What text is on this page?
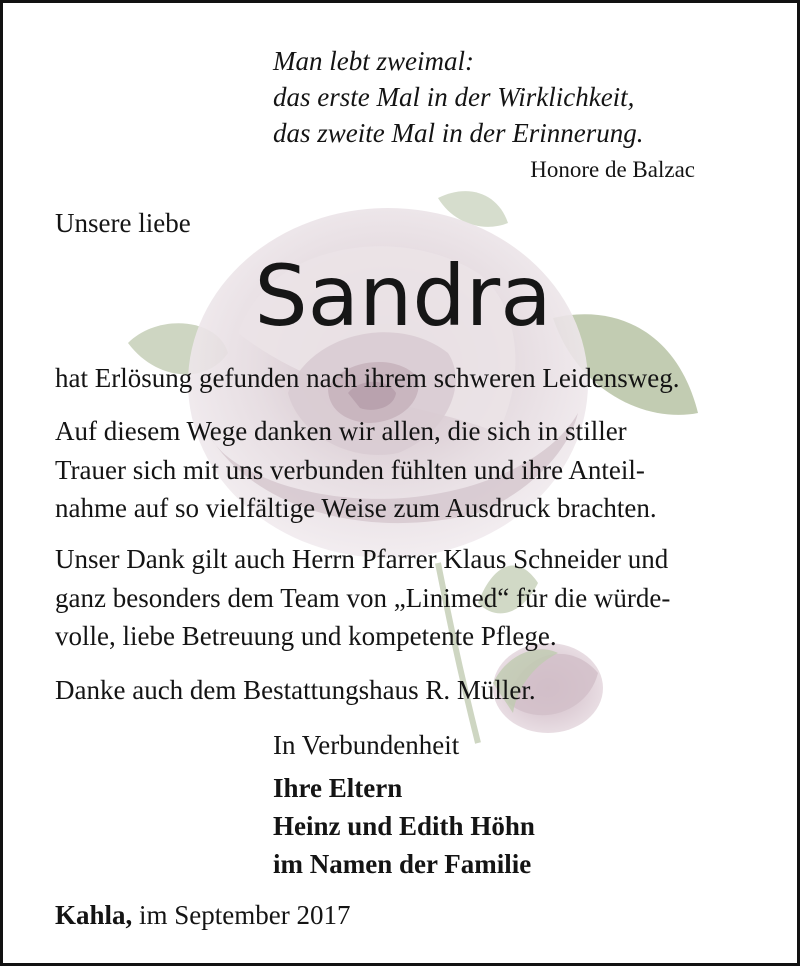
Man lebt zweimal:
das erste Mal in der Wirklichkeit,
das zweite Mal in der Erinnerung.
Honore de Balzac
Unsere liebe
Sandra
hat Erlösung gefunden nach ihrem schweren Leidensweg.
Auf diesem Wege danken wir allen, die sich in stiller
Trauer sich mit uns verbunden fühlten und ihre Anteil-
nahme auf so vielfältige Weise zum Ausdruck brachten.
Unser Dank gilt auch Herrn Pfarrer Klaus Schneider und
ganz besonders dem Team von „Linimed“ für die würde-
volle, liebe Betreuung und kompetente Pflege.
Danke auch dem Bestattungshaus R. Müller.
In Verbundenheit
Ihre Eltern
Heinz und Edith Höhn
im Namen der Familie
Kahla, im September 2017
